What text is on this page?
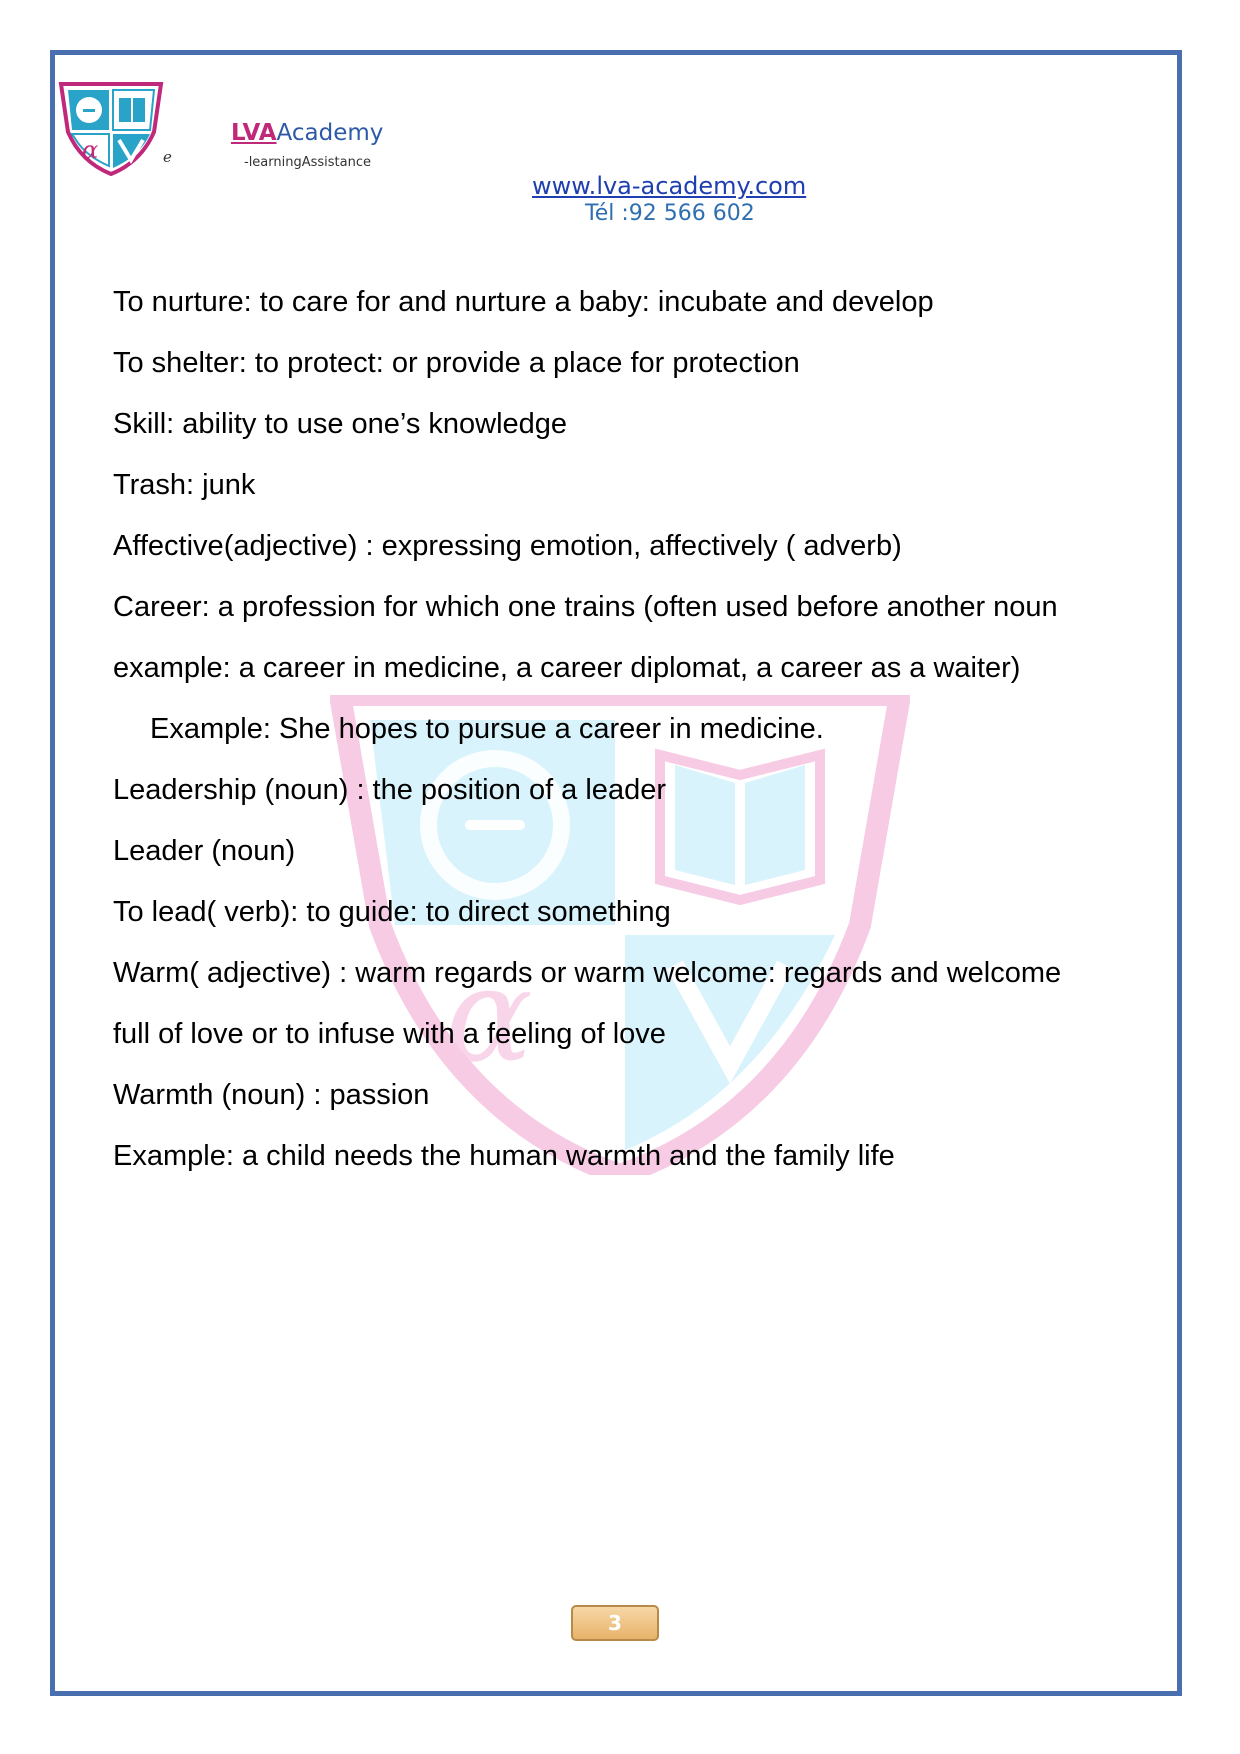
α	e
LVAAcademy
-learningAssistance
www.lva-academy.com
Tél :92 566 602
α
To nurture: to care for and nurture a baby: incubate and develop
To shelter: to protect: or provide a place for protection
Skill: ability to use one’s knowledge
Trash: junk
Affective(adjective) : expressing emotion, affectively ( adverb)
Career: a profession for which one trains (often used before another noun
example: a career in medicine, a career diplomat, a career as a waiter)
Example: She hopes to pursue a career in medicine.
Leadership (noun) : the position of a leader
Leader (noun)
To lead( verb): to guide: to direct something
Warm( adjective) : warm regards or warm welcome: regards and welcome
full of love or to infuse with a feeling of love
Warmth (noun) : passion
Example: a child needs the human warmth and the family life
3
